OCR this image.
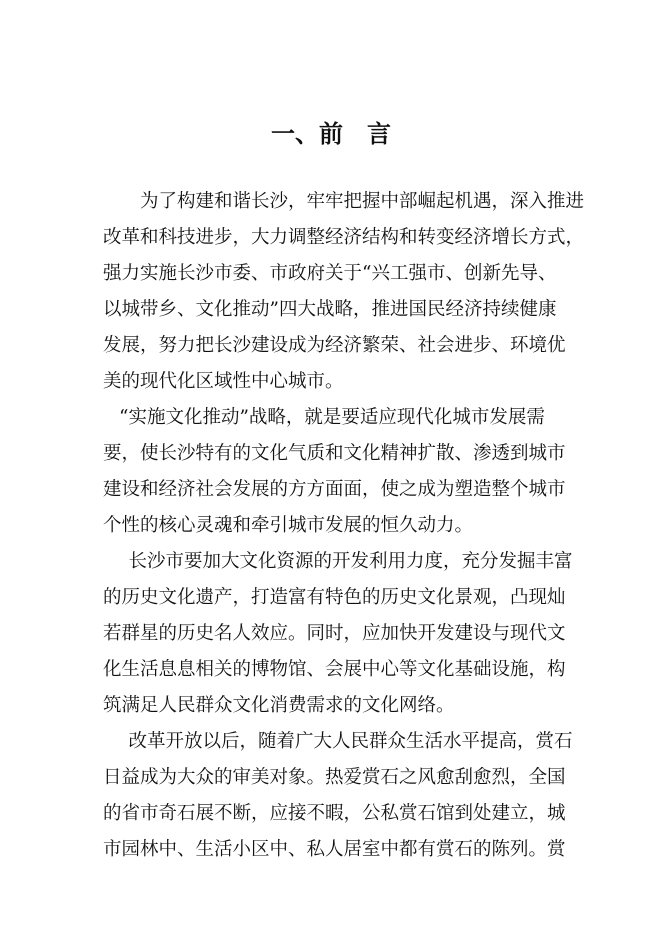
一、前　言
　　为了构建和谐长沙，牢牢把握中部崛起机遇，深入推进
改革和科技进步，大力调整经济结构和转变经济增长方式，
强力实施长沙市委、市政府关于“兴工强市、创新先导、
以城带乡、文化推动”四大战略，推进国民经济持续健康
发展，努力把长沙建设成为经济繁荣、社会进步、环境优
美的现代化区域性中心城市。
“实施文化推动”战略，就是要适应现代化城市发展需
要，使长沙特有的文化气质和文化精神扩散、渗透到城市
建设和经济社会发展的方方面面，使之成为塑造整个城市
个性的核心灵魂和牵引城市发展的恒久动力。
　长沙市要加大文化资源的开发利用力度，充分发掘丰富
的历史文化遗产，打造富有特色的历史文化景观，凸现灿
若群星的历史名人效应。同时，应加快开发建设与现代文
化生活息息相关的博物馆、会展中心等文化基础设施，构
筑满足人民群众文化消费需求的文化网络。
　改革开放以后，随着广大人民群众生活水平提高，赏石
日益成为大众的审美对象。热爱赏石之风愈刮愈烈，全国
的省市奇石展不断，应接不暇，公私赏石馆到处建立，城
市园林中、生活小区中、私人居室中都有赏石的陈列。赏
